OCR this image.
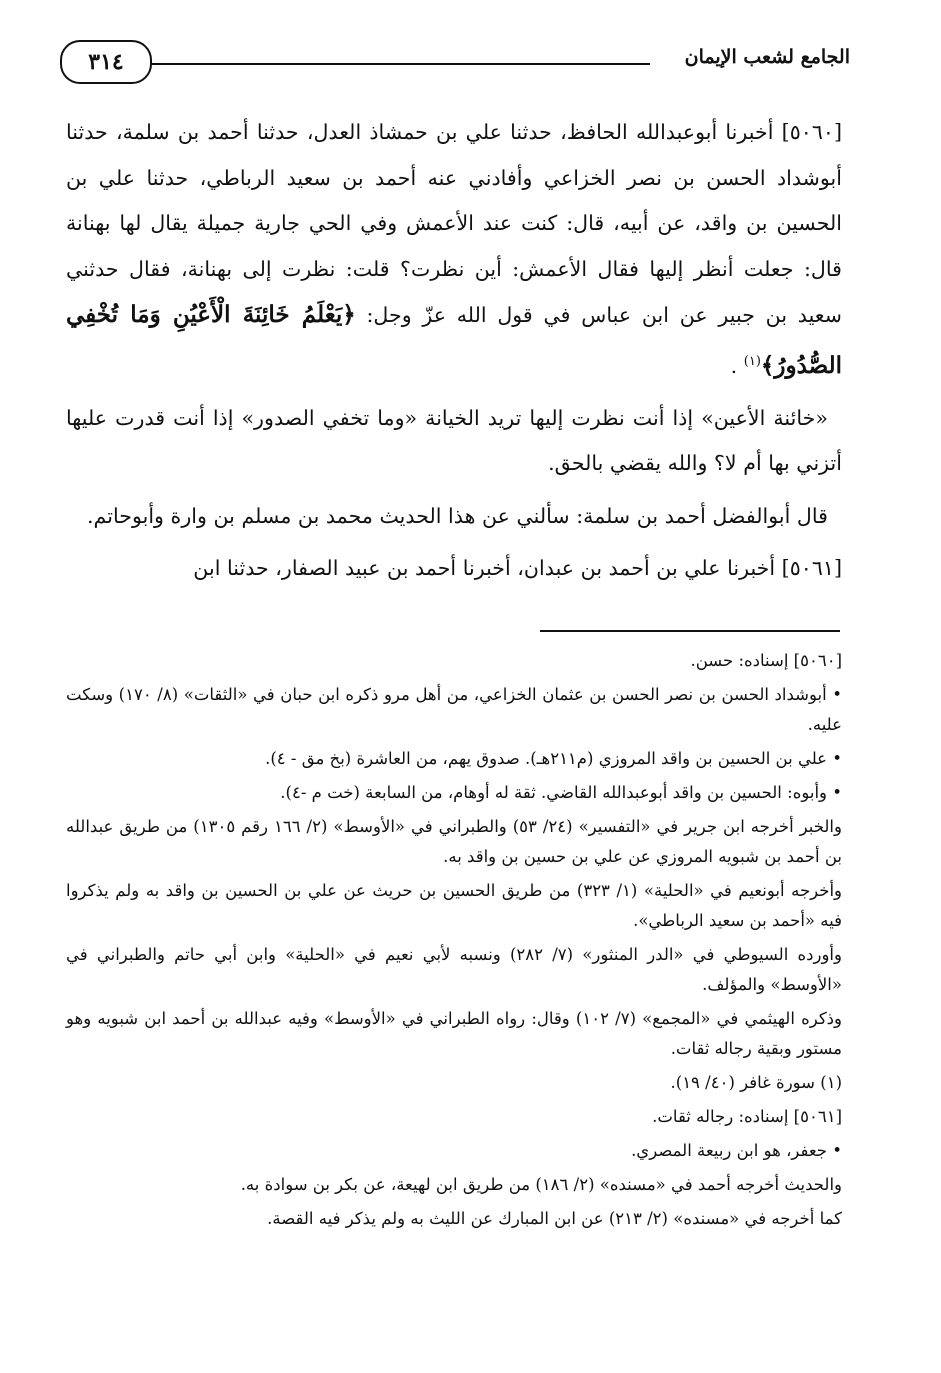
٣١٤	الجامع لشعب الإيمان

[٥٠٦٠] أخبرنا أبوعبدالله الحافظ، حدثنا علي بن حمشاذ العدل، حدثنا أحمد بن سلمة، حدثنا أبوشداد الحسن بن نصر الخزاعي وأفادني عنه أحمد بن سعيد الرباطي، حدثنا علي بن الحسين بن واقد، عن أبيه، قال: كنت عند الأعمش وفي الحي جارية جميلة يقال لها بهنانة قال: جعلت أنظر إليها فقال الأعمش: أين نظرت؟ قلت: نظرت إلى بهنانة، فقال حدثني سعيد بن جبير عن ابن عباس في قول الله عزّ وجل: ﴿يَعْلَمُ خَائِنَةَ الْأَعْيُنِ وَمَا تُخْفِي الصُّدُورُ﴾$^{(١)}$ .

«خائنة الأعين» إذا أنت نظرت إليها تريد الخيانة «وما تخفي الصدور» إذا أنت قدرت عليها أتزني بها أم لا؟ والله يقضي بالحق.

قال أبوالفضل أحمد بن سلمة: سألني عن هذا الحديث محمد بن مسلم بن وارة وأبوحاتم.

[٥٠٦١] أخبرنا علي بن أحمد بن عبدان، أخبرنا أحمد بن عبيد الصفار، حدثنا ابن

[٥٠٦٠] إسناده: حسن.

• أبوشداد الحسن بن نصر الحسن بن عثمان الخزاعي، من أهل مرو ذكره ابن حبان في «الثقات» (٨/ ١٧٠) وسكت عليه.

• علي بن الحسين بن واقد المروزي (م٢١١هـ). صدوق يهم، من العاشرة (بخ مق - ٤).

• وأبوه: الحسين بن واقد أبوعبدالله القاضي. ثقة له أوهام، من السابعة (خت م -٤).

والخبر أخرجه ابن جرير في «التفسير» (٢٤/ ٥٣) والطبراني في «الأوسط» (٢/ ١٦٦ رقم ١٣٠٥) من طريق عبدالله بن أحمد بن شبويه المروزي عن علي بن حسين بن واقد به.

وأخرجه أبونعيم في «الحلية» (١/ ٣٢٣) من طريق الحسين بن حريث عن علي بن الحسين بن واقد به ولم يذكروا فيه «أحمد بن سعيد الرباطي».

وأورده السيوطي في «الدر المنثور» (٧/ ٢٨٢) ونسبه لأبي نعيم في «الحلية» وابن أبي حاتم والطبراني في «الأوسط» والمؤلف.

وذكره الهيثمي في «المجمع» (٧/ ١٠٢) وقال: رواه الطبراني في «الأوسط» وفيه عبدالله بن أحمد ابن شبويه وهو مستور وبقية رجاله ثقات.

(١) سورة غافر (٤٠/ ١٩).

[٥٠٦١] إسناده: رجاله ثقات.

• جعفر، هو ابن ربيعة المصري.

والحديث أخرجه أحمد في «مسنده» (٢/ ١٨٦) من طريق ابن لهيعة، عن بكر بن سوادة به.

كما أخرجه في «مسنده» (٢/ ٢١٣) عن ابن المبارك عن الليث به ولم يذكر فيه القصة.
